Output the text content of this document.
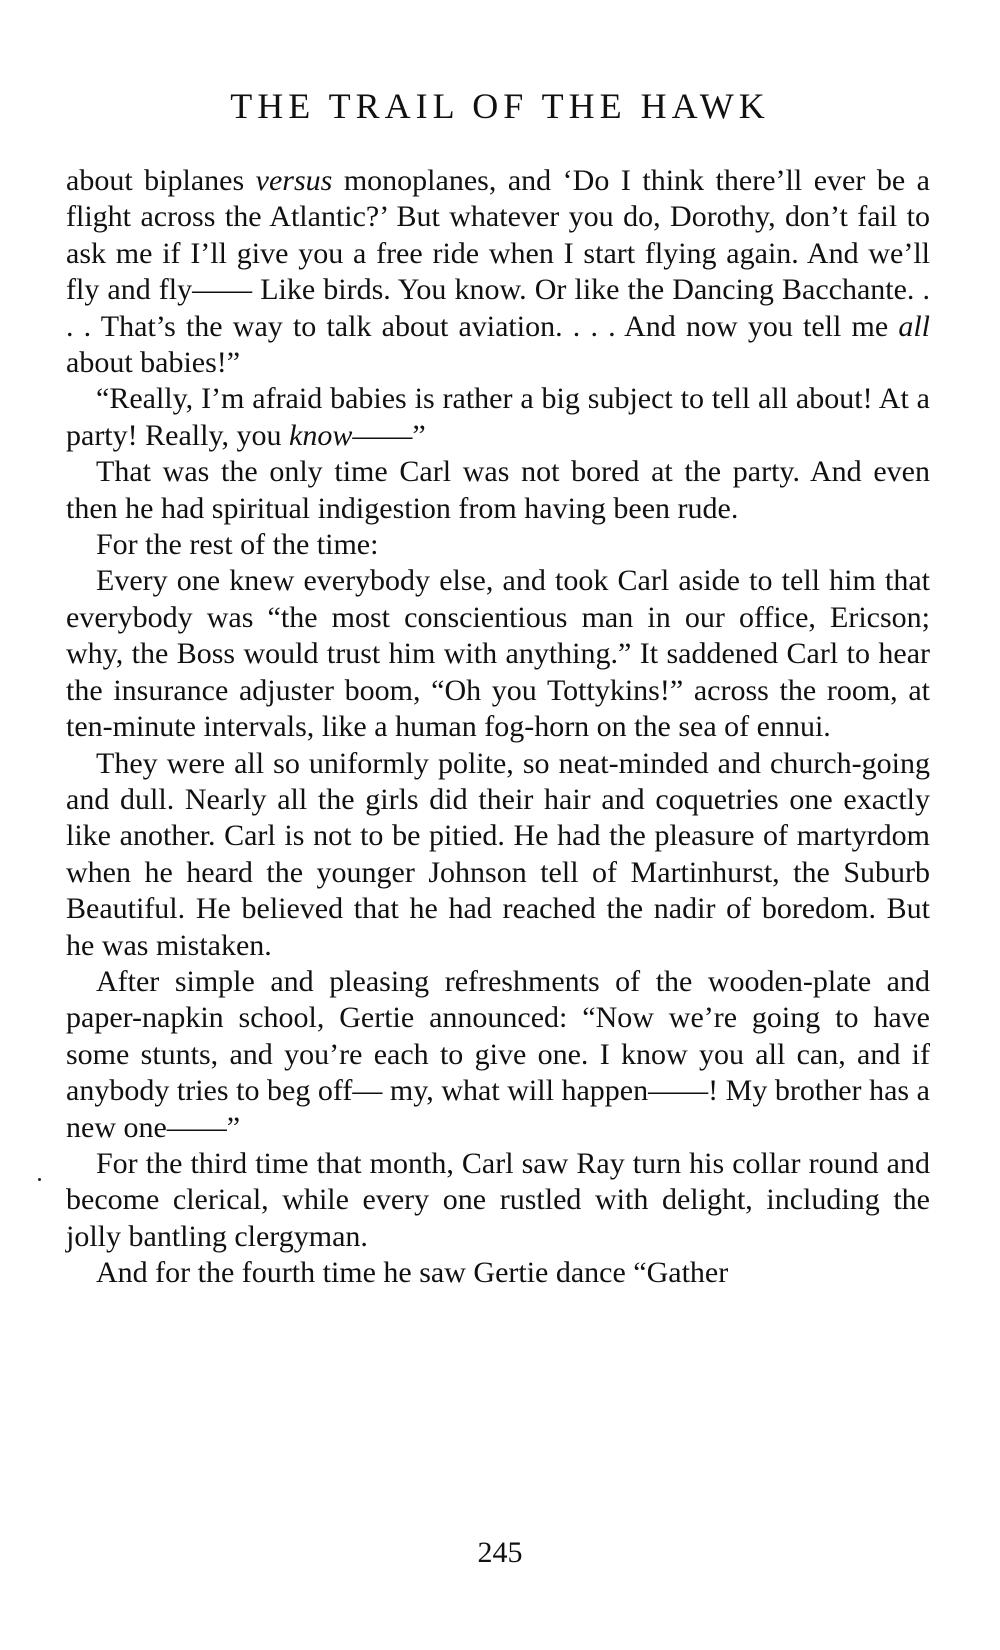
THE TRAIL OF THE HAWK

about biplanes versus monoplanes, and ‘Do I think there’ll ever be a flight across the Atlantic?’ But whatever you do, Dorothy, don’t fail to ask me if I’ll give you a free ride when I start flying again. And we’ll fly and fly—— Like birds. You know. Or like the Dancing Bacchante. . . . That’s the way to talk about aviation. . . . And now you tell me all about babies!”

“Really, I’m afraid babies is rather a big subject to tell all about! At a party! Really, you know——”

That was the only time Carl was not bored at the party. And even then he had spiritual indigestion from having been rude.

For the rest of the time:

Every one knew everybody else, and took Carl aside to tell him that everybody was “the most conscientious man in our office, Ericson; why, the Boss would trust him with anything.” It saddened Carl to hear the insurance adjuster boom, “Oh you Tottykins!” across the room, at ten-minute intervals, like a human fog-horn on the sea of ennui.

They were all so uniformly polite, so neat-minded and church-going and dull. Nearly all the girls did their hair and coquetries one exactly like another. Carl is not to be pitied. He had the pleasure of martyrdom when he heard the younger Johnson tell of Martinhurst, the Suburb Beautiful. He believed that he had reached the nadir of boredom. But he was mistaken.

After simple and pleasing refreshments of the wooden-plate and paper-napkin school, Gertie announced: “Now we’re going to have some stunts, and you’re each to give one. I know you all can, and if anybody tries to beg off— my, what will happen——! My brother has a new one——”

For the third time that month, Carl saw Ray turn his collar round and become clerical, while every one rustled with delight, including the jolly bantling clergyman.

And for the fourth time he saw Gertie dance “Gather

245
